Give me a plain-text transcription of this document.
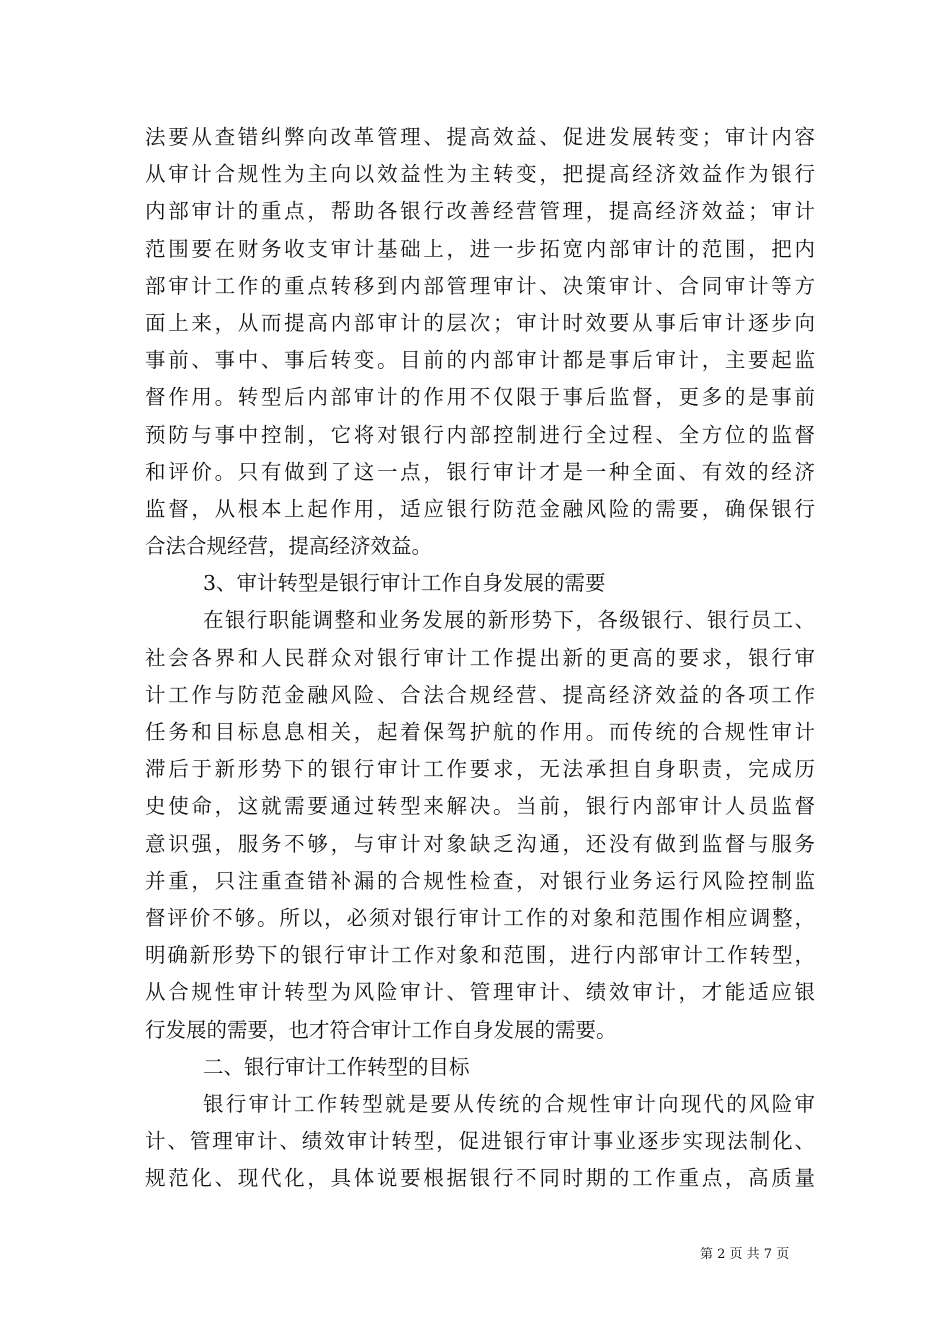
法要从查错纠弊向改革管理、提高效益、促进发展转变；审计内容
从审计合规性为主向以效益性为主转变，把提高经济效益作为银行
内部审计的重点，帮助各银行改善经营管理，提高经济效益；审计
范围要在财务收支审计基础上，进一步拓宽内部审计的范围，把内
部审计工作的重点转移到内部管理审计、决策审计、合同审计等方
面上来，从而提高内部审计的层次；审计时效要从事后审计逐步向
事前、事中、事后转变。目前的内部审计都是事后审计，主要起监
督作用。转型后内部审计的作用不仅限于事后监督，更多的是事前
预防与事中控制，它将对银行内部控制进行全过程、全方位的监督
和评价。只有做到了这一点，银行审计才是一种全面、有效的经济
监督，从根本上起作用，适应银行防范金融风险的需要，确保银行
合法合规经营，提高经济效益。
3、审计转型是银行审计工作自身发展的需要
在银行职能调整和业务发展的新形势下，各级银行、银行员工、
社会各界和人民群众对银行审计工作提出新的更高的要求，银行审
计工作与防范金融风险、合法合规经营、提高经济效益的各项工作
任务和目标息息相关，起着保驾护航的作用。而传统的合规性审计
滞后于新形势下的银行审计工作要求，无法承担自身职责，完成历
史使命，这就需要通过转型来解决。当前，银行内部审计人员监督
意识强，服务不够，与审计对象缺乏沟通，还没有做到监督与服务
并重，只注重查错补漏的合规性检查，对银行业务运行风险控制监
督评价不够。所以，必须对银行审计工作的对象和范围作相应调整，
明确新形势下的银行审计工作对象和范围，进行内部审计工作转型，
从合规性审计转型为风险审计、管理审计、绩效审计，才能适应银
行发展的需要，也才符合审计工作自身发展的需要。
二、银行审计工作转型的目标
银行审计工作转型就是要从传统的合规性审计向现代的风险审
计、管理审计、绩效审计转型，促进银行审计事业逐步实现法制化、
规范化、现代化，具体说要根据银行不同时期的工作重点，高质量
第 2 页 共 7 页
